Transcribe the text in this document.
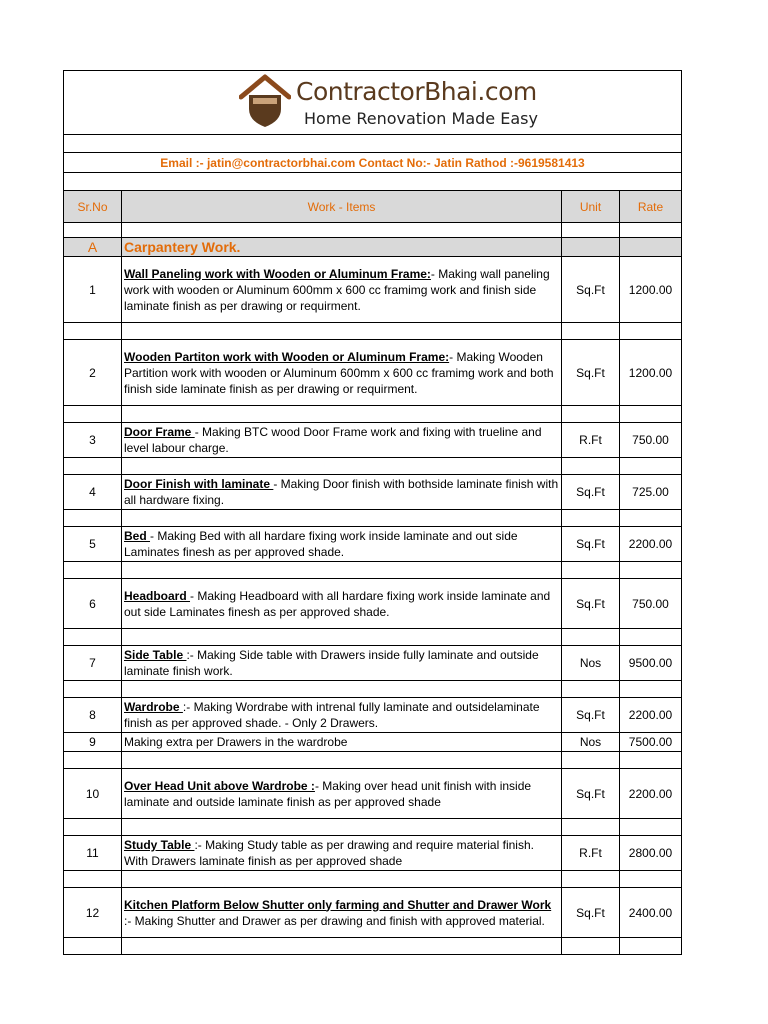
ContractorBhai.com
Home Renovation Made Easy			

Email :- jatin@contractorbhai.com Contact No:- Jatin Rathod :-9619581413			

Sr.No	Work - Items	Unit	Rate

A	Carpantery Work.		
1	Wall Paneling work with Wooden or Aluminum Frame:- Making wall paneling work with wooden or Aluminum 600mm x 600 cc framimg work and finish side laminate finish as per drawing or requirment.	Sq.Ft	1200.00

2	Wooden Partiton work with Wooden or Aluminum Frame:- Making Wooden Partition work with wooden or Aluminum 600mm x 600 cc framimg work and both finish side laminate finish as per drawing or requirment.	Sq.Ft	1200.00

3	Door Frame - Making BTC wood Door Frame work and fixing with trueline and level labour charge.	R.Ft	750.00

4	Door Finish with laminate - Making Door finish with bothside laminate finish with all hardware fixing.	Sq.Ft	725.00

5	Bed - Making Bed with all hardare fixing work inside laminate and out side Laminates finesh as per approved shade.	Sq.Ft	2200.00

6	Headboard - Making Headboard with all hardare fixing work inside laminate and out side Laminates finesh as per approved shade.	Sq.Ft	750.00

7	Side Table :- Making Side table with Drawers inside fully laminate and outside laminate finish work.	Nos	9500.00

8	Wardrobe :- Making Wordrabe with intrenal fully laminate and outsidelaminate finish as per approved shade. - Only 2 Drawers.	Sq.Ft	2200.00
9	Making extra per Drawers in the wardrobe	Nos	7500.00

10	Over Head Unit above Wardrobe :- Making over head unit finish with inside laminate and outside laminate finish as per approved shade	Sq.Ft	2200.00

11	Study Table :- Making Study table as per drawing and require material finish. With Drawers laminate finish as per approved shade	R.Ft	2800.00

12	Kitchen Platform Below Shutter only farming and Shutter and Drawer Work :- Making Shutter and Drawer as per drawing and finish with approved material.	Sq.Ft	2400.00
